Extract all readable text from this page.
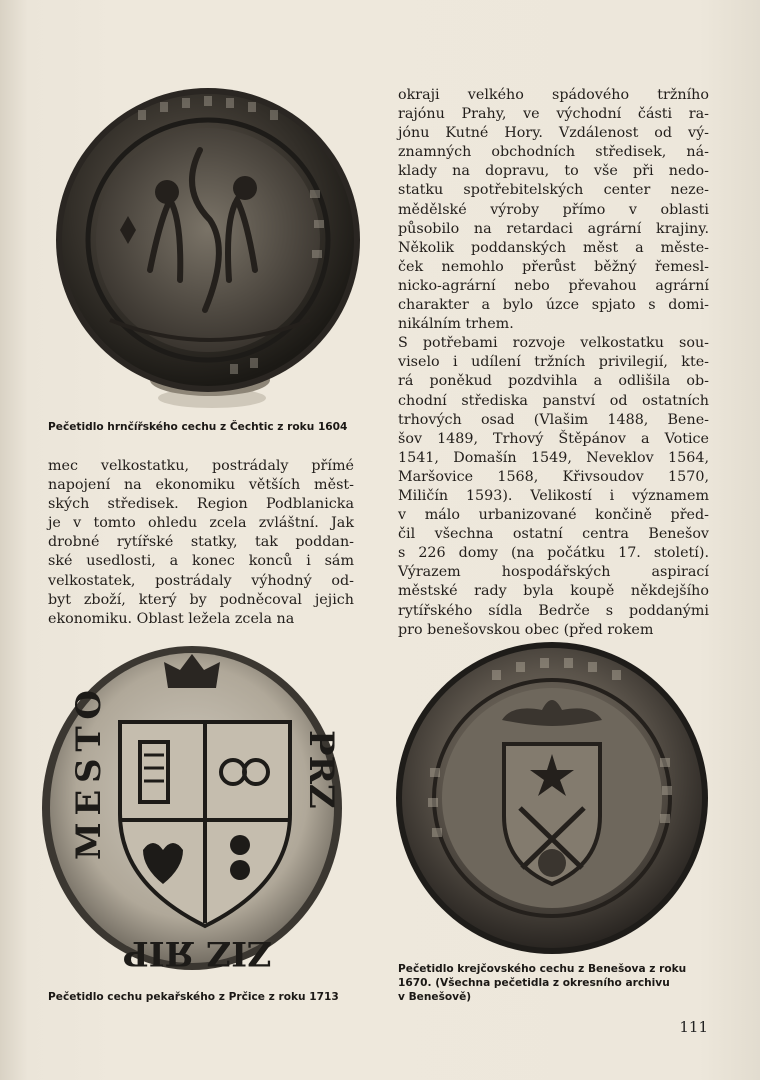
Pečetidlo hrnčířského cechu z Čechtic z roku 1604

mec velkostatku, postrádaly přímé
napojení na ekonomiku větších měst-
ských středisek. Region Podblanicka
je v tomto ohledu zcela zvláštní. Jak
drobné rytířské statky, tak poddan-
ské usedlosti, a konec konců i sám
velkostatek, postrádaly výhodný od-
byt zboží, který by podněcoval jejich
ekonomiku. Oblast ležela zcela na

okraji velkého spádového tržního
rajónu Prahy, ve východní části ra-
jónu Kutné Hory. Vzdálenost od vý-
znamných obchodních středisek, ná-
klady na dopravu, to vše při nedo-
statku spotřebitelských center neze-
mědělské výroby přímo v oblasti
působilo na retardaci agrární krajiny.
Několik poddanských měst a měste-
ček nemohlo přerůst běžný řemesl-
nicko-agrární nebo převahou agrární
charakter a bylo úzce spjato s domi-
nikálním trhem.

S potřebami rozvoje velkostatku sou-
viselo i udílení tržních privilegií, kte-
rá poněkud pozdvihla a odlišila ob-
chodní střediska panství od ostatních
trhových osad (Vlašim 1488, Bene-
šov 1489, Trhový Štěpánov a Votice
1541, Domašín 1549, Neveklov 1564,
Maršovice 1568, Křivsoudov 1570,
Miličín 1593). Velikostí i významem
v málo urbanizované končině před-
čil všechna ostatní centra Benešov
s 226 domy (na počátku 17. století).
Výrazem hospodářských aspirací
městské rady byla koupě někdejšího
rytířského sídla Bedrče s poddanými
pro benešovskou obec (před rokem

MESTO
PRZ
ZIZ ЯIP
Pečetidlo cechu pekařského z Prčice z roku 1713
Pečetidlo krejčovského cechu z Benešova z roku
1670. (Všechna pečetidla z okresního archivu
v Benešově)
111
